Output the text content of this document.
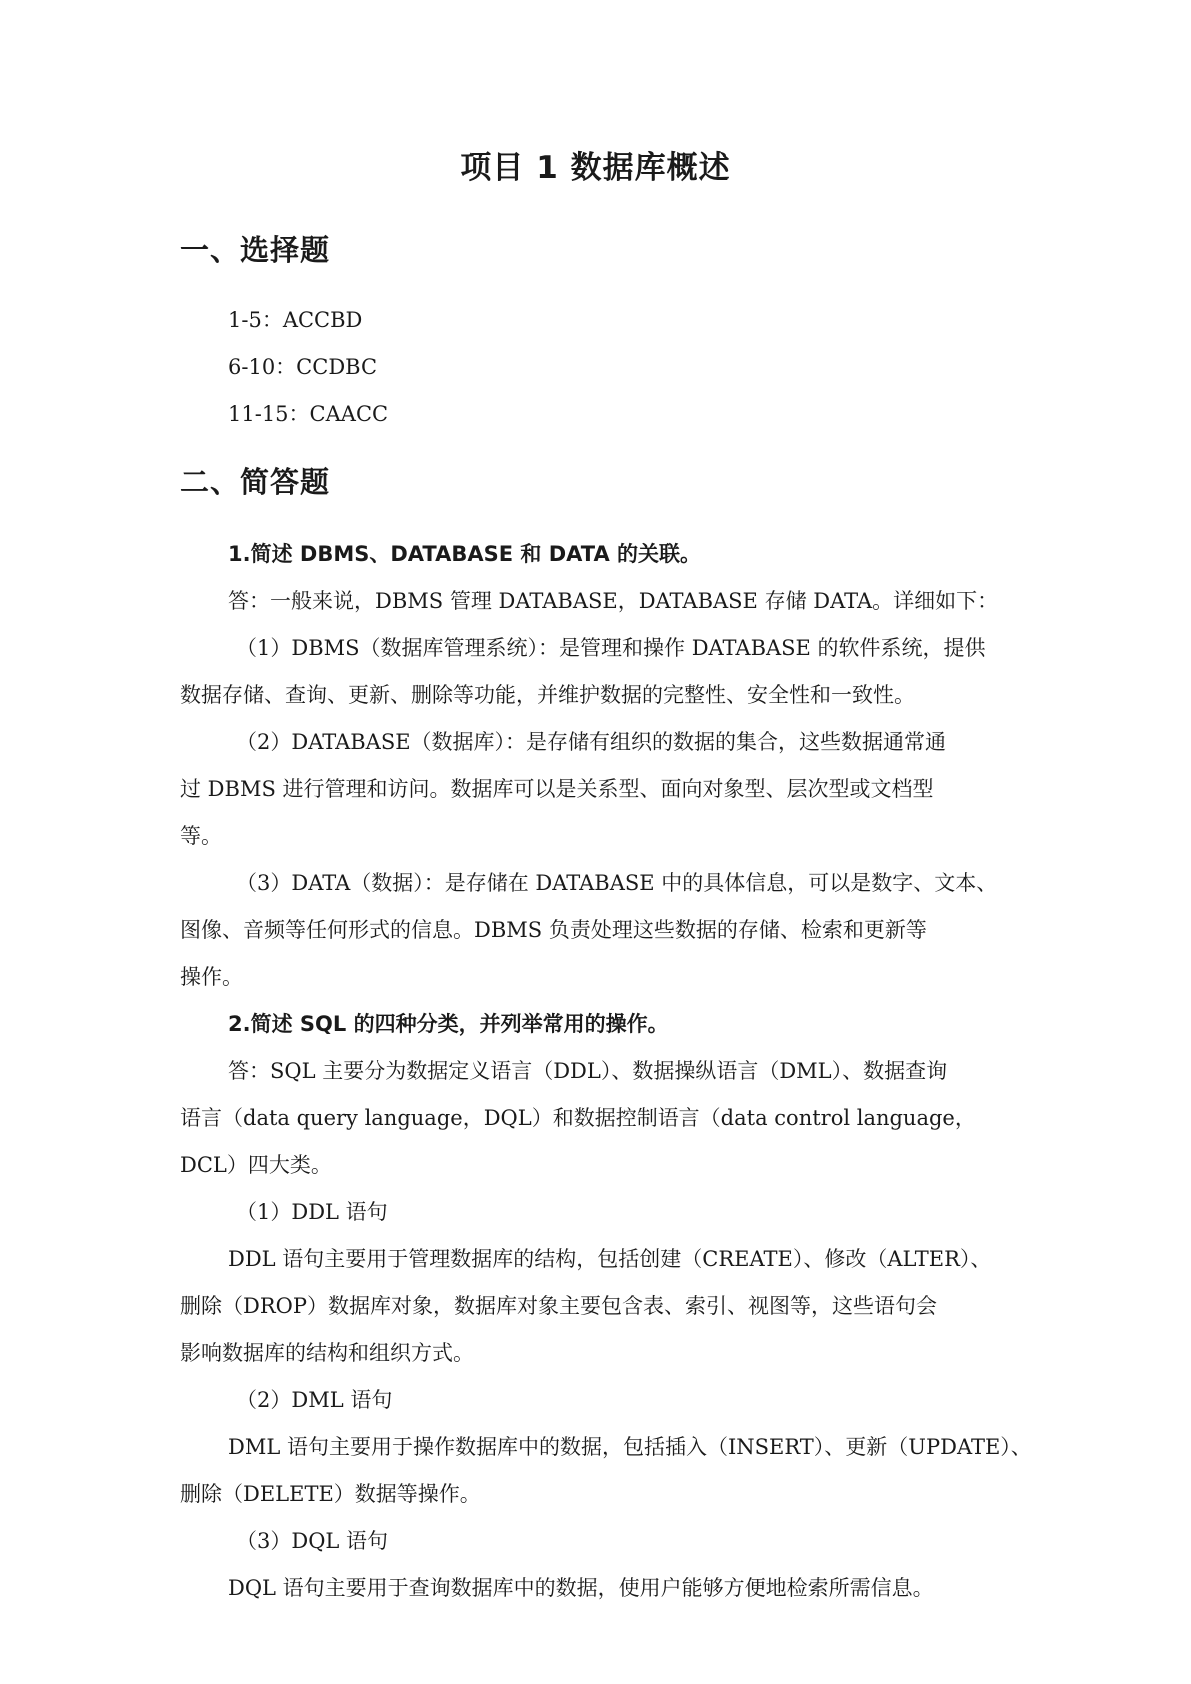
项目 1 数据库概述
一、选择题
1-5：ACCBD
6-10：CCDBC
11-15：CAACC
二、简答题
1.简述 DBMS、DATABASE 和 DATA 的关联。
答：一般来说，DBMS 管理 DATABASE，DATABASE 存储 DATA。详细如下：
（1）DBMS（数据库管理系统）：是管理和操作 DATABASE 的软件系统，提供
数据存储、查询、更新、删除等功能，并维护数据的完整性、安全性和一致性。
（2）DATABASE（数据库）：是存储有组织的数据的集合，这些数据通常通
过 DBMS 进行管理和访问。数据库可以是关系型、面向对象型、层次型或文档型
等。
（3）DATA（数据）：是存储在 DATABASE 中的具体信息，可以是数字、文本、
图像、音频等任何形式的信息。DBMS 负责处理这些数据的存储、检索和更新等
操作。
2.简述 SQL 的四种分类，并列举常用的操作。
答：SQL 主要分为数据定义语言（DDL）、数据操纵语言（DML）、数据查询
语言（data query language，DQL）和数据控制语言（data control language，
DCL）四大类。
（1）DDL 语句
DDL 语句主要用于管理数据库的结构，包括创建（CREATE）、修改（ALTER）、
删除（DROP）数据库对象，数据库对象主要包含表、索引、视图等，这些语句会
影响数据库的结构和组织方式。
（2）DML 语句
DML 语句主要用于操作数据库中的数据，包括插入（INSERT）、更新（UPDATE）、
删除（DELETE）数据等操作。
（3）DQL 语句
DQL 语句主要用于查询数据库中的数据，使用户能够方便地检索所需信息。
